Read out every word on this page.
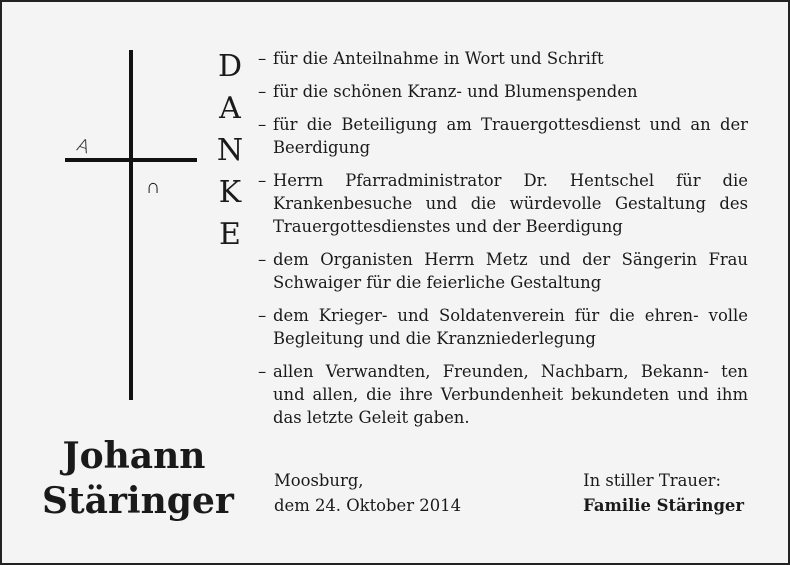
A
∩
D
A
N
K
E
– für die Anteilnahme in Wort und Schrift
– für die schönen Kranz- und Blumenspenden
– für die Beteiligung am Trauergottesdienst und an der Beerdigung
– Herrn Pfarradministrator Dr. Hentschel für die Krankenbesuche und die würdevolle Gestaltung des Trauergottesdienstes und der Beerdigung
– dem Organisten Herrn Metz und der Sängerin Frau Schwaiger für die feierliche Gestaltung
– dem Krieger- und Soldatenverein für die ehren- volle Begleitung und die Kranzniederlegung
– allen Verwandten, Freunden, Nachbarn, Bekann- ten und allen, die ihre Verbundenheit bekundeten und ihm das letzte Geleit gaben.
Johann
Stäringer Moosburg,
dem 24. Oktober 2014
In stiller Trauer:
Familie Stäringer
